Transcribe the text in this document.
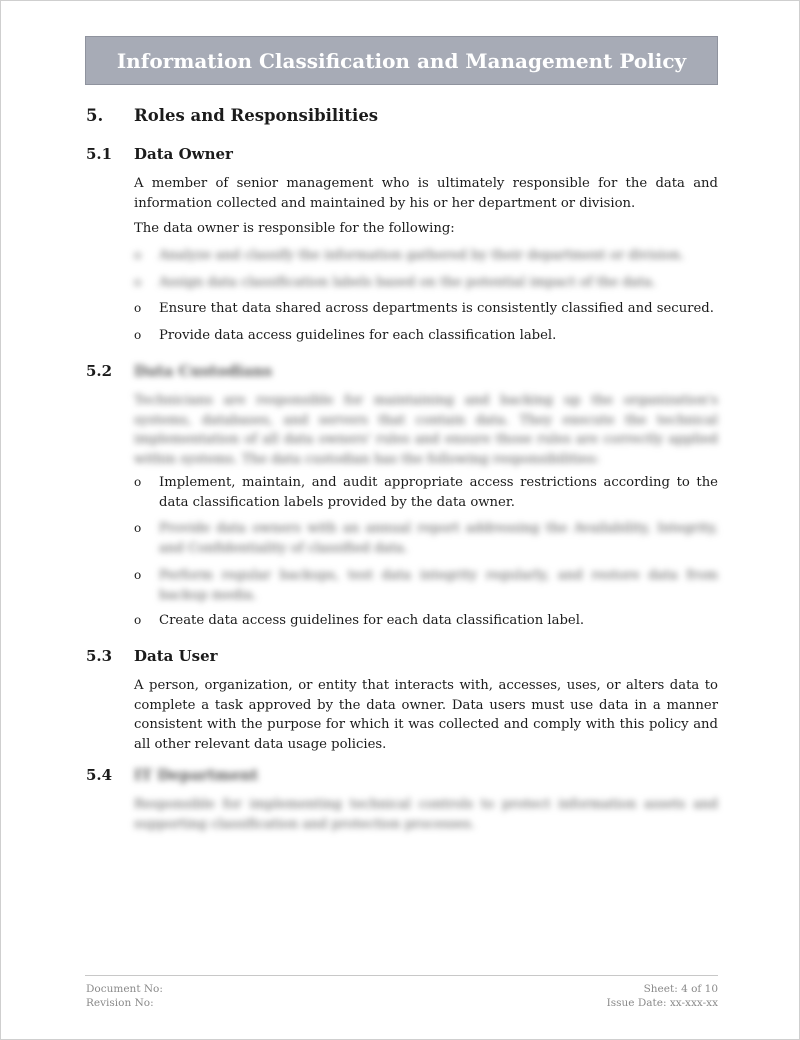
Information Classification and Management Policy
5. Roles and Responsibilities
5.1 Data Owner
A member of senior management who is ultimately responsible for the data and information collected and maintained by his or her department or division.
The data owner is responsible for the following:
o Analyze and classify the information gathered by their department or division.
o Assign data classification labels based on the potential impact of the data.
o Ensure that data shared across departments is consistently classified and secured.
o Provide data access guidelines for each classification label.
5.2 Data Custodians
Technicians are responsible for maintaining and backing up the organization's systems, databases, and servers that contain data. They execute the technical implementation of all data owners' rules and ensure those rules are correctly applied within systems. The data custodian has the following responsibilities:
o Implement, maintain, and audit appropriate access restrictions according to the data classification labels provided by the data owner.
o Provide data owners with an annual report addressing the Availability, Integrity, and Confidentiality of classified data.
o Perform regular backups, test data integrity regularly, and restore data from backup media.
o Create data access guidelines for each data classification label.
5.3 Data User
A person, organization, or entity that interacts with, accesses, uses, or alters data to complete a task approved by the data owner. Data users must use data in a manner consistent with the purpose for which it was collected and comply with this policy and all other relevant data usage policies.
5.4 IT Department
Responsible for implementing technical controls to protect information assets and supporting classification and protection processes.
Document No:
Revision No:
Sheet: 4 of 10
Issue Date: xx-xxx-xx
